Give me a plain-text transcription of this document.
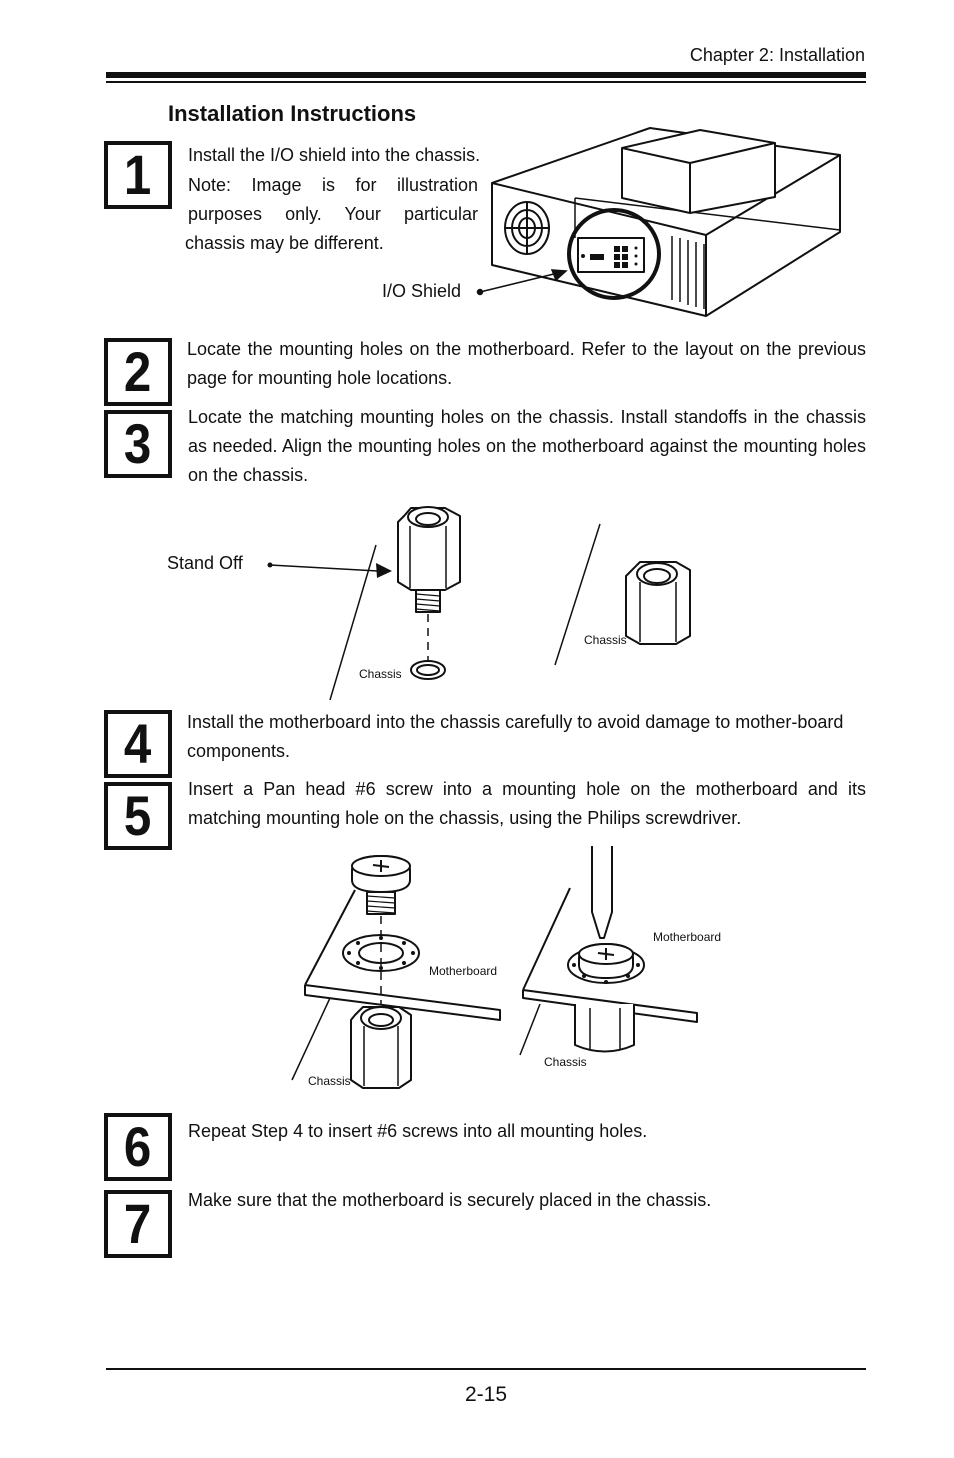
Chapter 2: Installation
Installation Instructions
1 Install the I/O shield into the chassis.
Note: Image is for illustration
purposes only. Your particular
chassis may be different.
I/O Shield
2 Locate the mounting holes on the motherboard. Refer to the layout on the previous page for mounting hole locations.
3 Locate the matching mounting holes on the chassis. Install standoffs in the chassis as needed. Align the mounting holes on the motherboard against the mounting holes on the chassis.
Stand Off
Chassis
Chassis
4 Install the motherboard into the chassis carefully to avoid damage to mother-board components.
5 Insert a Pan head #6 screw into a mounting hole on the motherboard and its matching mounting hole on the chassis, using the Philips screwdriver.
Motherboard
Motherboard
Chassis
Chassis
6 Repeat Step 4 to insert #6 screws into all mounting holes.
7 Make sure that the motherboard is securely placed in the chassis.
2-15
